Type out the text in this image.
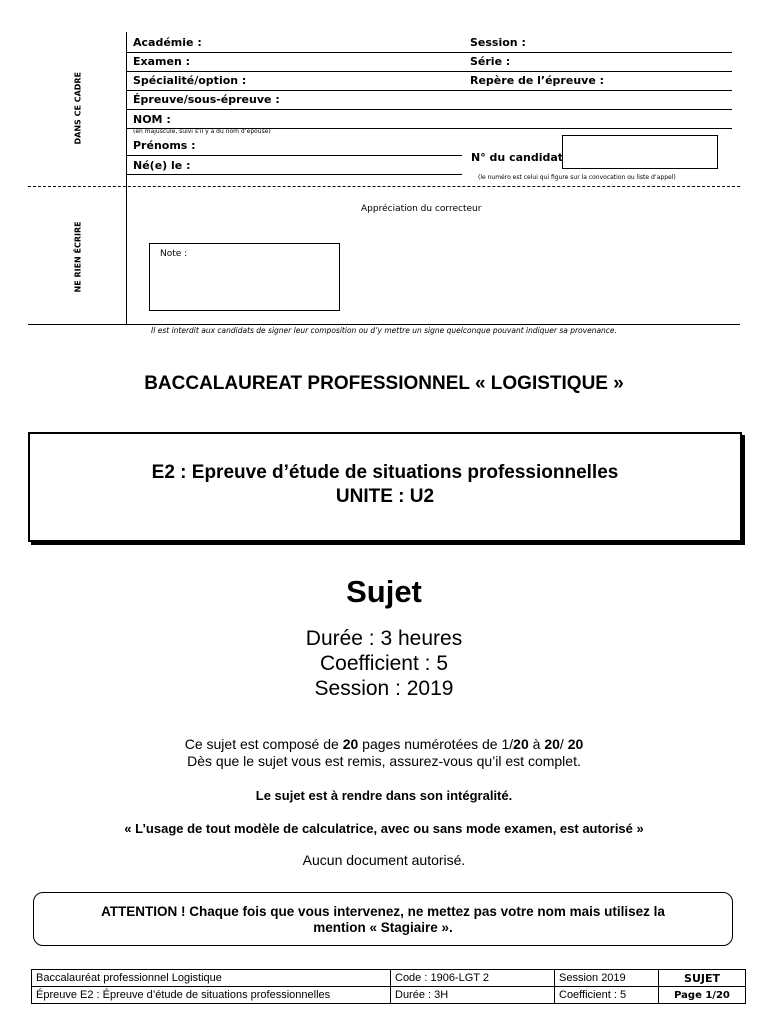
DANS CE CADRE
NE RIEN ÉCRIRE
Académie :	Session :
Examen :	Série :
Spécialité/option :	Repère de l’épreuve :
Épreuve/sous-épreuve :
NOM :
(en majuscule, suivi s’il y a du nom d’épouse)
Prénoms :
Né(e) le :
N° du candidat
(le numéro est celui qui figure sur la convocation ou liste d’appel)
Appréciation du correcteur
Note :
Il est interdit aux candidats de signer leur composition ou d’y mettre un signe quelconque pouvant indiquer sa provenance.
BACCALAUREAT PROFESSIONNEL « LOGISTIQUE »
E2 : Epreuve d’étude de situations professionnelles
UNITE : U2
Sujet
Durée : 3 heures
Coefficient : 5
Session : 2019
Ce sujet est composé de 20 pages numérotées de 1/20 à 20/ 20
Dès que le sujet vous est remis, assurez-vous qu’il est complet.
Le sujet est à rendre dans son intégralité.
« L’usage de tout modèle de calculatrice, avec ou sans mode examen, est autorisé »
Aucun document autorisé.
ATTENTION ! Chaque fois que vous intervenez, ne mettez pas votre nom mais utilisez la
mention « Stagiaire ».
Baccalauréat professionnel Logistique	Code : 1906-LGT 2	Session 2019	SUJET
Épreuve E2 : Épreuve d’étude de situations professionnelles	Durée : 3H	Coefficient : 5	Page 1/20
